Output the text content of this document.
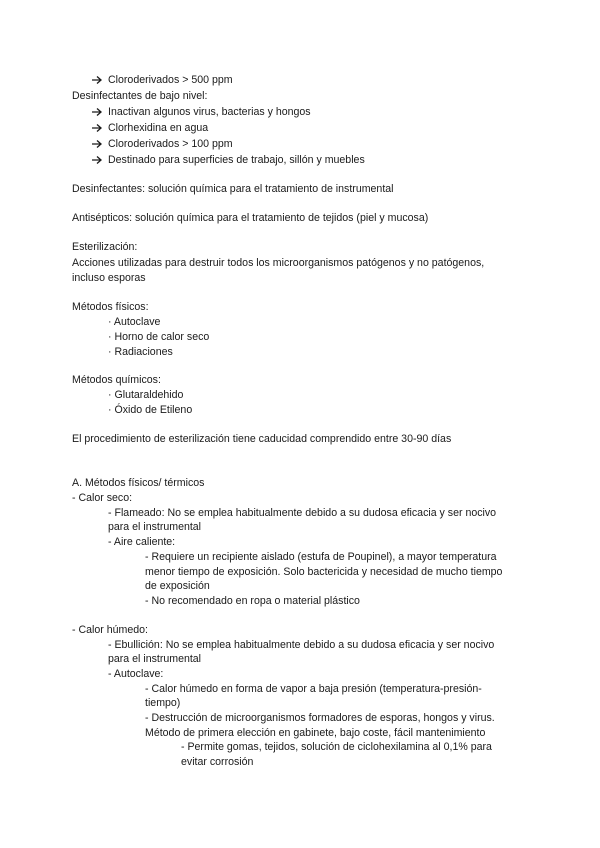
Cloroderivados > 500 ppm
Desinfectantes de bajo nivel:
Inactivan algunos virus, bacterias y hongos
Clorhexidina en agua
Cloroderivados > 100 ppm
Destinado para superficies de trabajo, sillón y muebles
Desinfectantes: solución química para el tratamiento de instrumental
Antisépticos: solución química para el tratamiento de tejidos (piel y mucosa)
Esterilización:
Acciones utilizadas para destruir todos los microorganismos patógenos y no patógenos,
incluso esporas
Métodos físicos:
· Autoclave
· Horno de calor seco
· Radiaciones
Métodos químicos:
· Glutaraldehido
· Óxido de Etileno
El procedimiento de esterilización tiene caducidad comprendido entre 30-90 días
A. Métodos físicos/ térmicos
- Calor seco:
- Flameado: No se emplea habitualmente debido a su dudosa eficacia y ser nocivo
para el instrumental
- Aire caliente:
- Requiere un recipiente aislado (estufa de Poupinel), a mayor temperatura
menor tiempo de exposición. Solo bactericida y necesidad de mucho tiempo
de exposición
- No recomendado en ropa o material plástico
- Calor húmedo:
- Ebullición: No se emplea habitualmente debido a su dudosa eficacia y ser nocivo
para el instrumental
- Autoclave:
- Calor húmedo en forma de vapor a baja presión (temperatura-presión-
tiempo)
- Destrucción de microorganismos formadores de esporas, hongos y virus.
Método de primera elección en gabinete, bajo coste, fácil mantenimiento
- Permite gomas, tejidos, solución de ciclohexilamina al 0,1% para
evitar corrosión
